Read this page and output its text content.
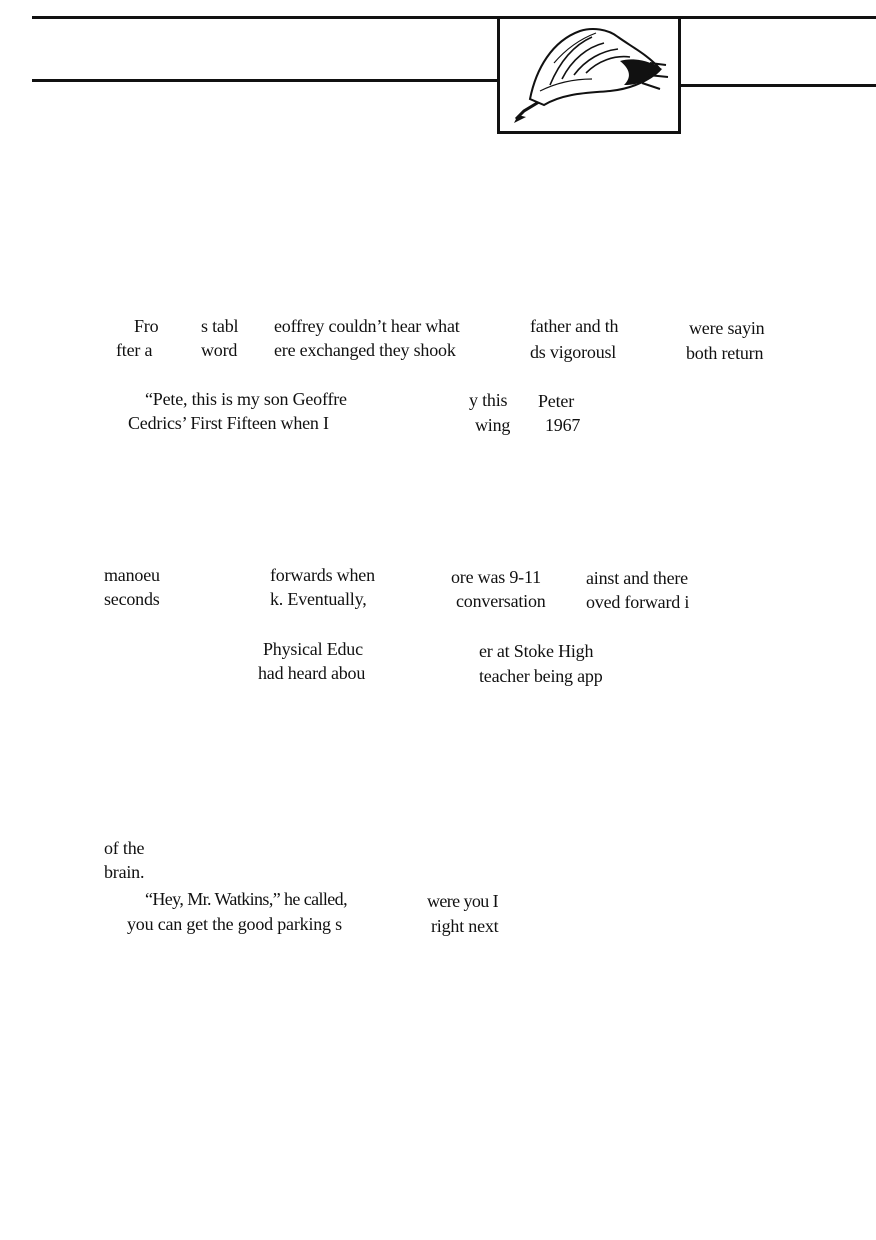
Fro s tabl eoffrey couldn’t hear what	father and th	were sayin
fter a	word ere exchanged they shook	ds vigorousl	both return
“Pete, this is my son Geoffre	y this Peter
Cedrics’ First Fifteen when I	wing 1967
manoeu	forwards when	ore was 9-11	ainst and there
seconds	k. Eventually,	conversation oved forward i
Physical Educ	er at Stoke High
had heard abou	teacher being app
of the
brain.
“Hey, Mr. Watkins,” he called,	were you I
you can get the good parking s	right next
